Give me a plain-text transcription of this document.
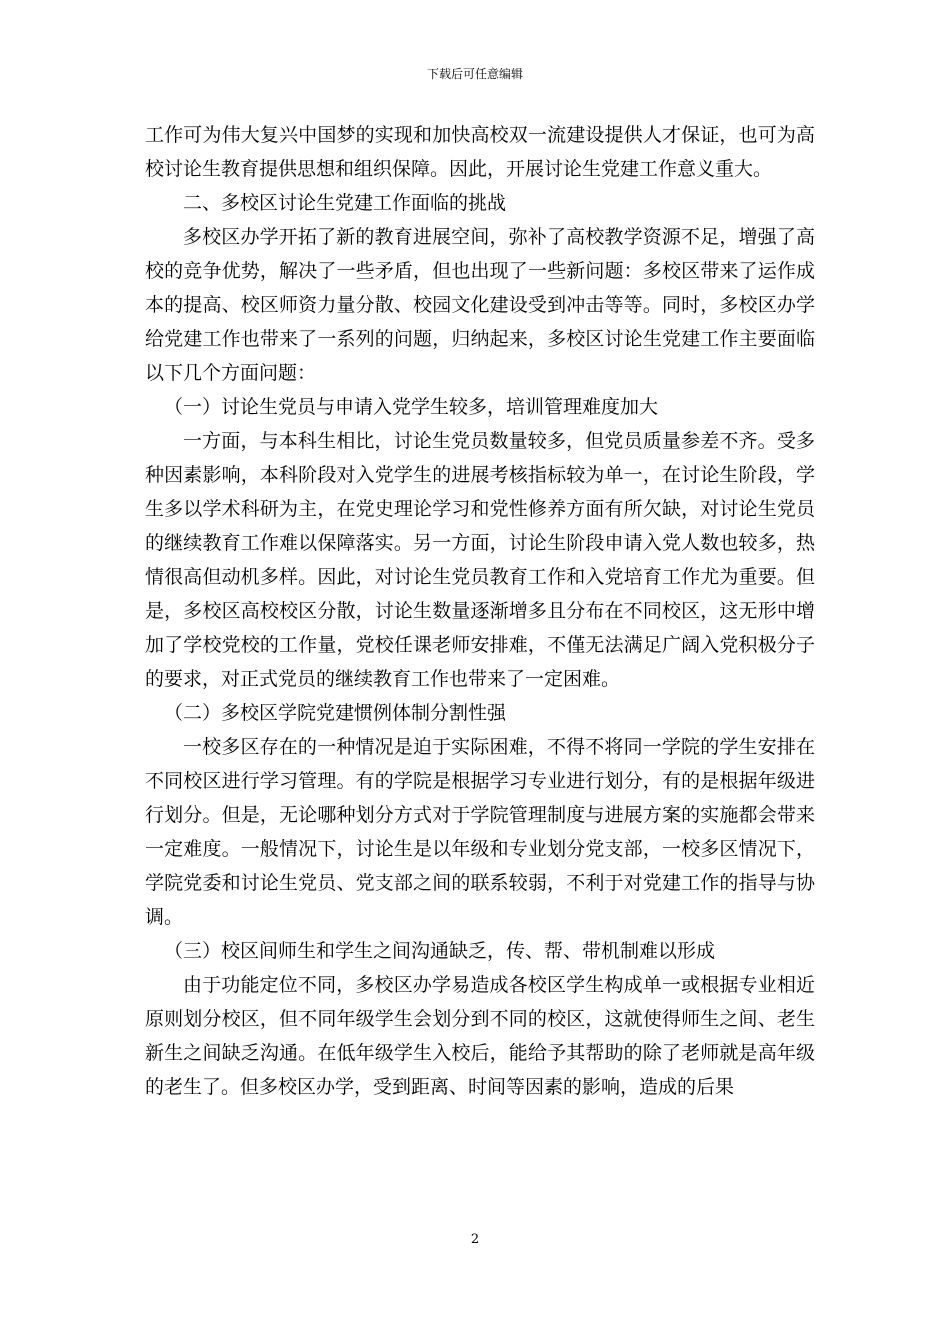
下载后可任意编辑

工作可为伟大复兴中国梦的实现和加快高校双一流建设提供人才保证，也可为高校讨论生教育提供思想和组织保障。因此，开展讨论生党建工作意义重大。

二、多校区讨论生党建工作面临的挑战

多校区办学开拓了新的教育进展空间，弥补了高校教学资源不足，增强了高校的竞争优势，解决了一些矛盾，但也出现了一些新问题：多校区带来了运作成本的提高、校区师资力量分散、校园文化建设受到冲击等等。同时，多校区办学给党建工作也带来了一系列的问题，归纳起来，多校区讨论生党建工作主要面临以下几个方面问题：

（一）讨论生党员与申请入党学生较多，培训管理难度加大

一方面，与本科生相比，讨论生党员数量较多，但党员质量参差不齐。受多种因素影响，本科阶段对入党学生的进展考核指标较为单一，在讨论生阶段，学生多以学术科研为主，在党史理论学习和党性修养方面有所欠缺，对讨论生党员的继续教育工作难以保障落实。另一方面，讨论生阶段申请入党人数也较多，热情很高但动机多样。因此，对讨论生党员教育工作和入党培育工作尤为重要。但是，多校区高校校区分散，讨论生数量逐渐增多且分布在不同校区，这无形中增加了学校党校的工作量，党校任课老师安排难，不僅无法满足广阔入党积极分子的要求，对正式党员的继续教育工作也带来了一定困难。

（二）多校区学院党建惯例体制分割性强

一校多区存在的一种情况是迫于实际困难，不得不将同一学院的学生安排在不同校区进行学习管理。有的学院是根据学习专业进行划分，有的是根据年级进行划分。但是，无论哪种划分方式对于学院管理制度与进展方案的实施都会带来一定难度。一般情况下，讨论生是以年级和专业划分党支部，一校多区情况下，学院党委和讨论生党员、党支部之间的联系较弱，不利于对党建工作的指导与协调。

（三）校区间师生和学生之间沟通缺乏，传、帮、带机制难以形成

由于功能定位不同，多校区办学易造成各校区学生构成单一或根据专业相近原则划分校区，但不同年级学生会划分到不同的校区，这就使得师生之间、老生新生之间缺乏沟通。在低年级学生入校后，能给予其帮助的除了老师就是高年级的老生了。但多校区办学，受到距离、时间等因素的影响，造成的后果

2
